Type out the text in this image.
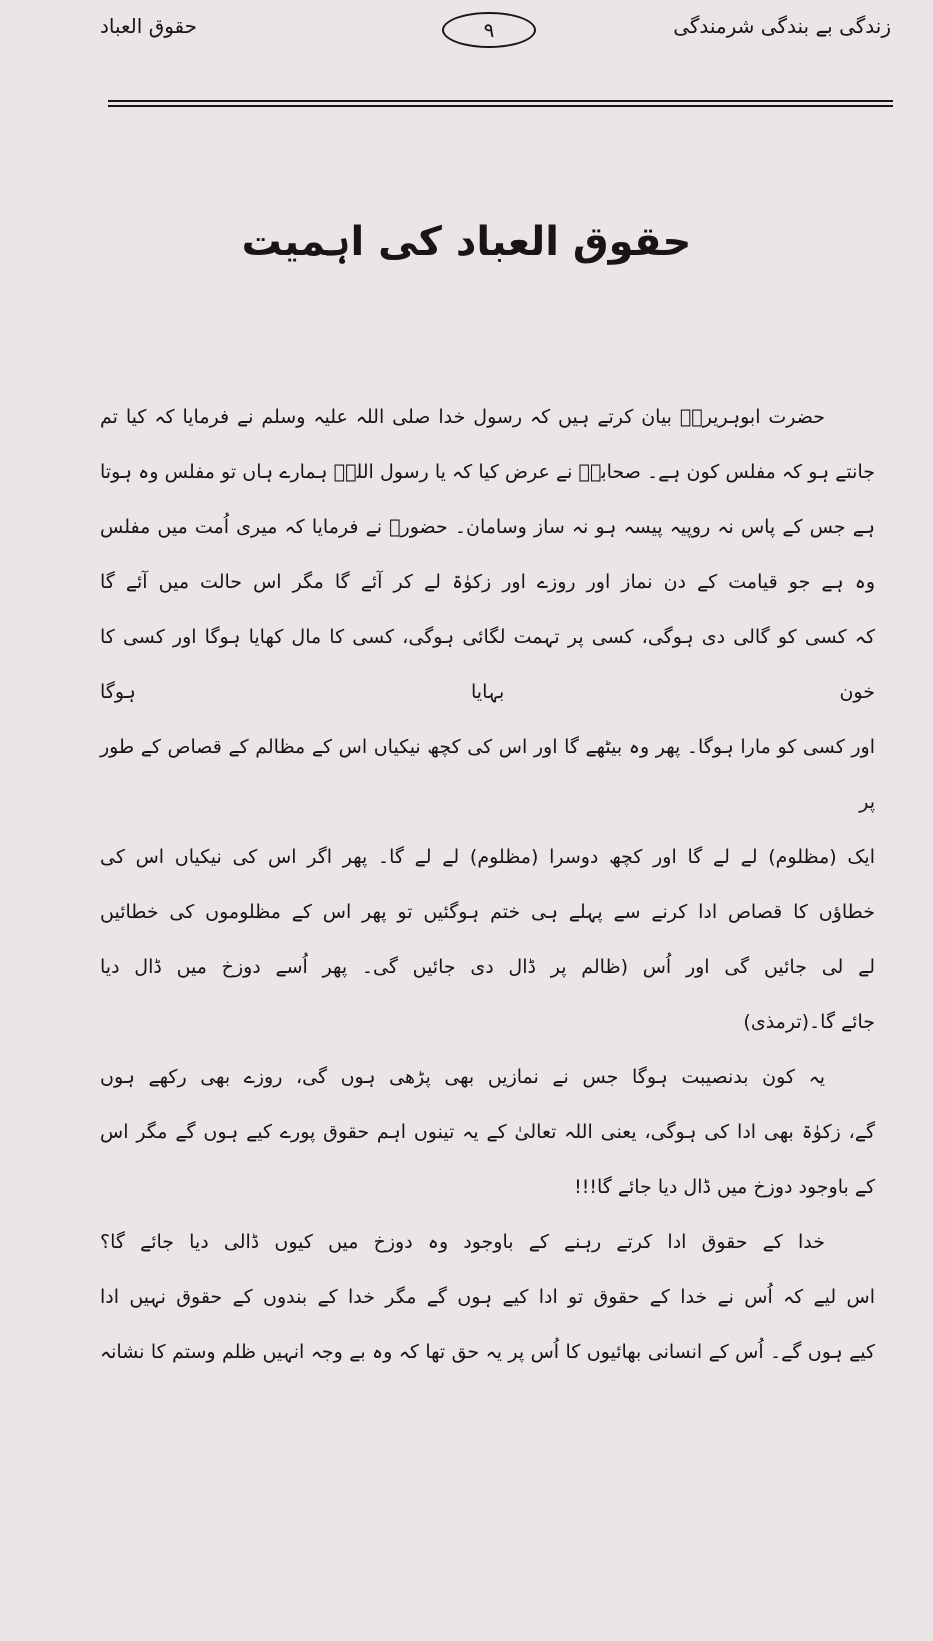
زندگی بے بندگی شرمندگی
۹
حقوق العباد
حقوق العباد کی اہمیت
حضرت ابوہریرہؓ بیان کرتے ہیں کہ رسول خدا صلی اللہ علیہ وسلم نے فرمایا کہ کیا تم
جانتے ہو کہ مفلس کون ہے۔ صحابہؓ نے عرض کیا کہ یا رسول اللہؐ ہمارے ہاں تو مفلس وہ ہوتا
ہے جس کے پاس نہ روپیہ پیسہ ہو نہ ساز وسامان۔ حضورؐ نے فرمایا کہ میری اُمت میں مفلس
وہ ہے جو قیامت کے دن نماز اور روزے اور زکوٰۃ لے کر آئے گا مگر اس حالت میں آئے گا
کہ کسی کو گالی دی ہوگی، کسی پر تہمت لگائی ہوگی، کسی کا مال کھایا ہوگا اور کسی کا خون بہایا ہوگا
اور کسی کو مارا ہوگا۔ پھر وہ بیٹھے گا اور اس کی کچھ نیکیاں اس کے مظالم کے قصاص کے طور پر
ایک (مظلوم) لے لے گا اور کچھ دوسرا (مظلوم) لے لے گا۔ پھر اگر اس کی نیکیاں اس کی
خطاؤں کا قصاص ادا کرنے سے پہلے ہی ختم ہوگئیں تو پھر اس کے مظلوموں کی خطائیں
لے لی جائیں گی اور اُس (ظالم پر ڈال دی جائیں گی۔ پھر اُسے دوزخ میں ڈال دیا
جائے گا۔(ترمذی)
یہ کون بدنصیبت ہوگا جس نے نمازیں بھی پڑھی ہوں گی، روزے بھی رکھے ہوں
گے، زکوٰۃ بھی ادا کی ہوگی، یعنی اللہ تعالیٰ کے یہ تینوں اہم حقوق پورے کیے ہوں گے مگر اس
کے باوجود دوزخ میں ڈال دیا جائے گا!!!
خدا کے حقوق ادا کرتے رہنے کے باوجود وہ دوزخ میں کیوں ڈالی دیا جائے گا؟
اس لیے کہ اُس نے خدا کے حقوق تو ادا کیے ہوں گے مگر خدا کے بندوں کے حقوق نہیں ادا
کیے ہوں گے۔ اُس کے انسانی بھائیوں کا اُس پر یہ حق تھا کہ وہ بے وجہ انہیں ظلم وستم کا نشانہ
